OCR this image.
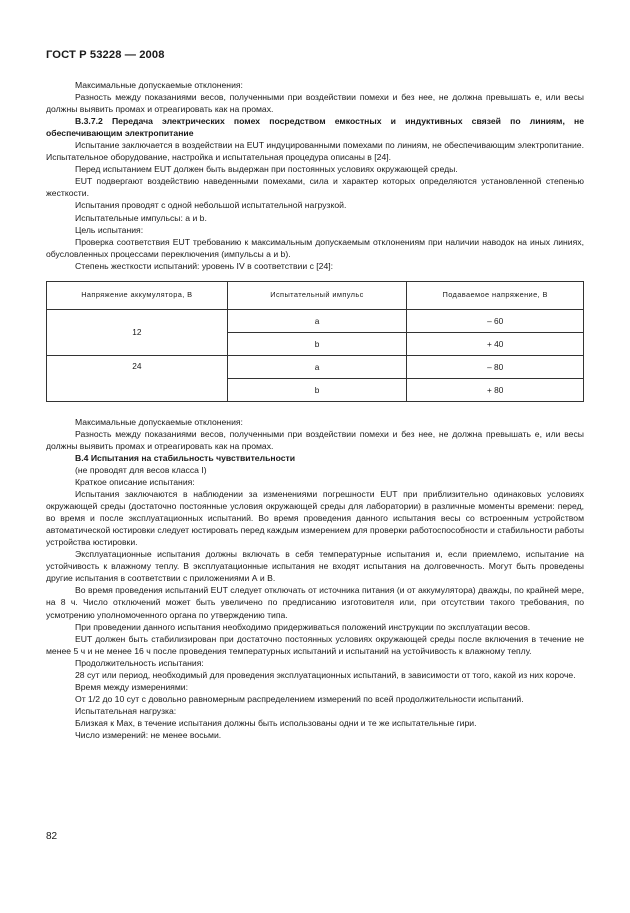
ГОСТ Р 53228 — 2008

Максимальные допускаемые отклонения:

Разность между показаниями весов, полученными при воздействии помехи и без нее, не должна превышать е, или весы должны выявить промах и отреагировать как на промах.

В.3.7.2 Передача электрических помех посредством емкостных и индуктивных связей по линиям, не обеспечивающим электропитание

Испытание заключается в воздействии на EUT индуцированными помехами по линиям, не обеспечивающим электропитание. Испытательное оборудование, настройка и испытательная процедура описаны в [24].

Перед испытанием EUT должен быть выдержан при постоянных условиях окружающей среды.

EUT подвергают воздействию наведенными помехами, сила и характер которых определяются установленной степенью жесткости.

Испытания проводят с одной небольшой испытательной нагрузкой.

Испытательные импульсы: а и b.

Цель испытания:

Проверка соответствия EUT требованию к максимальным допускаемым отклонениям при наличии наводок на иных линиях, обусловленных процессами переключения (импульсы а и b).

Степень жесткости испытаний: уровень IV в соответствии с [24]:

Напряжение аккумулятора, В	Испытательный импульс	Подаваемое напряжение, В
12	a	– 60
	b	+ 40
24	a	– 80
	b	+ 80

Максимальные допускаемые отклонения:

Разность между показаниями весов, полученными при воздействии помехи и без нее, не должна превышать е, или весы должны выявить промах и отреагировать как на промах.

В.4 Испытания на стабильность чувствительности

(не проводят для весов класса I)

Краткое описание испытания:

Испытания заключаются в наблюдении за изменениями погрешности EUT при приблизительно одинаковых условиях окружающей среды (достаточно постоянные условия окружающей среды для лаборатории) в различные моменты времени: перед, во время и после эксплуатационных испытаний. Во время проведения данного испытания весы со встроенным устройством автоматической юстировки следует юстировать перед каждым измерением для проверки работоспособности и стабильности работы устройства юстировки.

Эксплуатационные испытания должны включать в себя температурные испытания и, если приемлемо, испытание на устойчивость к влажному теплу. В эксплуатационные испытания не входят испытания на долговечность. Могут быть проведены другие испытания в соответствии с приложениями А и В.

Во время проведения испытаний EUT следует отключать от источника питания (и от аккумулятора) дважды, по крайней мере, на 8 ч. Число отключений может быть увеличено по предписанию изготовителя или, при отсутствии такого требования, по усмотрению уполномоченного органа по утверждению типа.

При проведении данного испытания необходимо придерживаться положений инструкции по эксплуатации весов.

EUT должен быть стабилизирован при достаточно постоянных условиях окружающей среды после включения в течение не менее 5 ч и не менее 16 ч после проведения температурных испытаний и испытаний на устойчивость к влажному теплу.

Продолжительность испытания:

28 сут или период, необходимый для проведения эксплуатационных испытаний, в зависимости от того, какой из них короче.

Время между измерениями:

От 1/2 до 10 сут с довольно равномерным распределением измерений по всей продолжительности испытаний.

Испытательная нагрузка:

Близкая к Max, в течение испытания должны быть использованы одни и те же испытательные гири.

Число измерений: не менее восьми.

82
